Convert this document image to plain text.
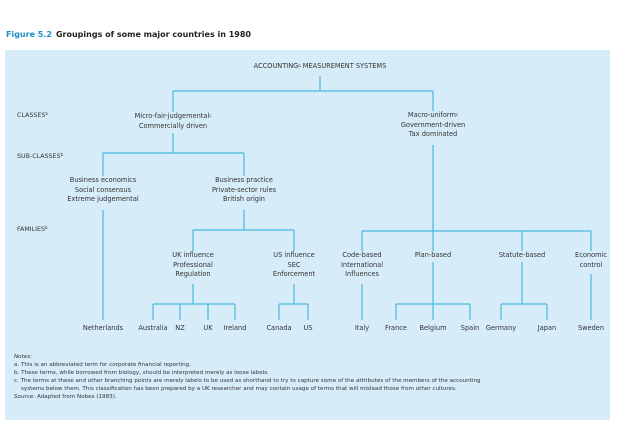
Figure 5.2 Groupings of some major countries in 1980
CLASSES$^b$
SUB-CLASSES$^b$
FAMILIES$^b$
ACCOUNTING$^a$ MEASUREMENT SYSTEMS
Micro-fair-judgemental$^c$
Commercially driven
Macro-uniform$^c$
Government-driven
Tax dominated
Business economics
Social consensus
Extreme judgemental
Business practice
Private-sector rules
British origin
UK influence
Professional
Regulation
US influence
SEC
Enforcement
Code-based
International
Influences
Plan-based	Statute-based	Economic
control
Netherlands Australia NZ	UK Ireland	Canada US	Italy France Belgium Spain Germany	Japan	Sweden
Notes:
a. This is an abbreviated term for corporate financial reporting.
b. These terms, while borrowed from biology, should be interpreted merely as loose labels.
c. The terms at these and other branching points are merely labels to be used as shorthand to try to capture some of the attributes of the members of the accounting
systems below them. This classification has been prepared by a UK researcher and may contain usage of terms that will mislead those from other cultures.
Source: Adapted from Nobes (1983).
